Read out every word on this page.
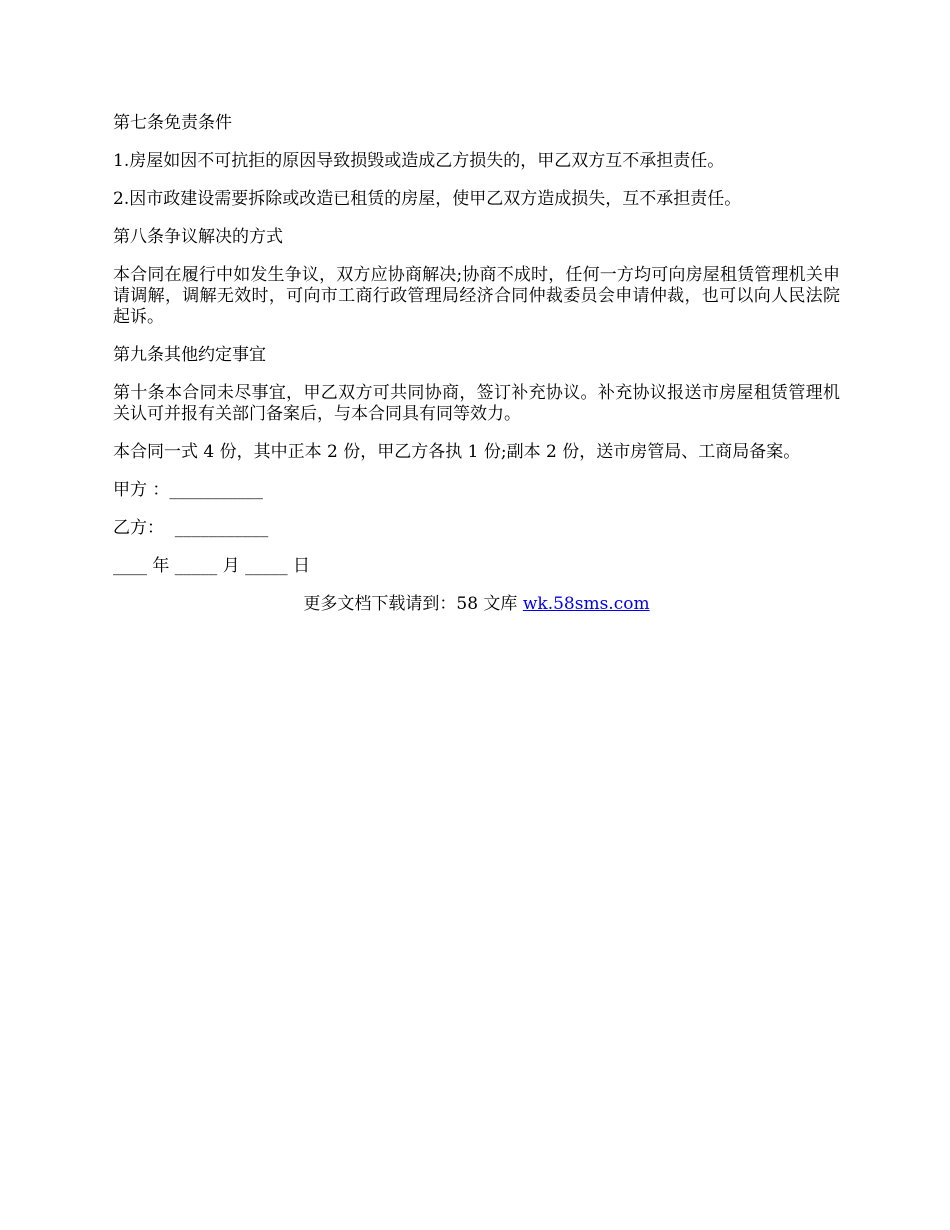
第七条免责条件

1.房屋如因不可抗拒的原因导致损毁或造成乙方损失的，甲乙双方互不承担责任。

2.因市政建设需要拆除或改造已租赁的房屋，使甲乙双方造成损失，互不承担责任。

第八条争议解决的方式

本合同在履行中如发生争议，双方应协商解决;协商不成时，任何一方均可向房屋租赁管理机关申请调解，调解无效时，可向市工商行政管理局经济合同仲裁委员会申请仲裁，也可以向人民法院起诉。

第九条其他约定事宜

第十条本合同未尽事宜，甲乙双方可共同协商，签订补充协议。补充协议报送市房屋租赁管理机关认可并报有关部门备案后，与本合同具有同等效力。

本合同一式 4 份，其中正本 2 份，甲乙方各执 1 份;副本 2 份，送市房管局、工商局备案。

甲方 ：___________

乙方：  ___________

____ 年 _____ 月 _____ 日

更多文档下载请到：58 文库 wk.58sms.com
